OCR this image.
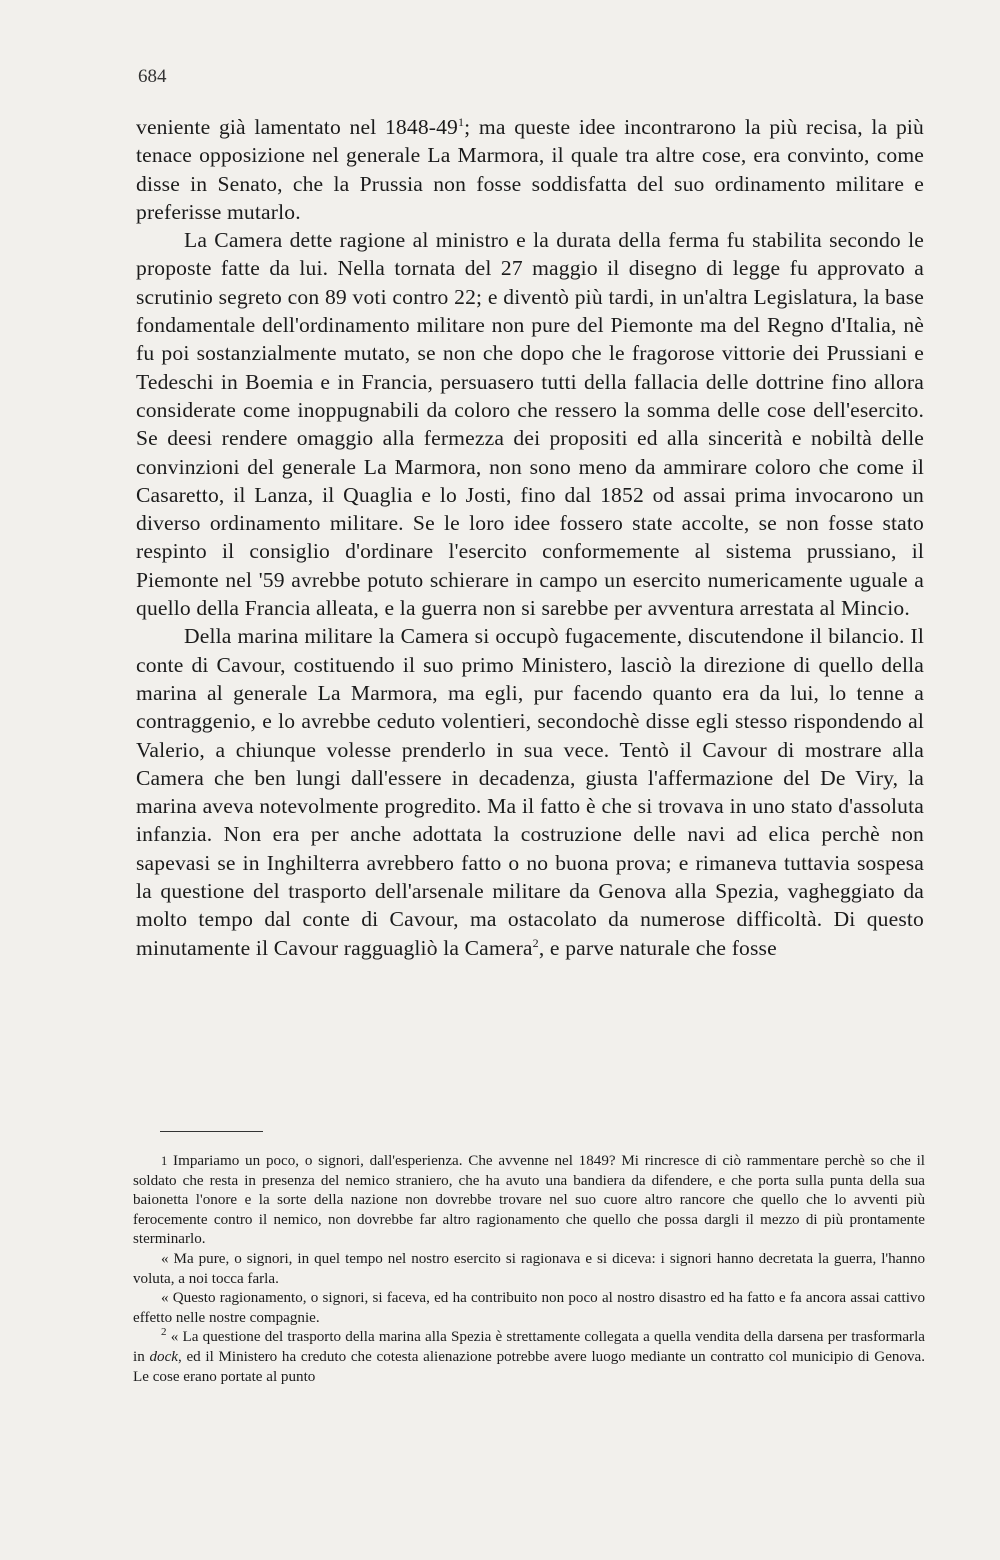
684

veniente già lamentato nel $1848-49^1$; ma queste idee incontrarono la più recisa, la più tenace opposizione nel generale La Marmora, il quale tra altre cose, era convinto, come disse in Senato, che la Prussia non fosse soddisfatta del suo ordinamento militare e preferisse mutarlo.

La Camera dette ragione al ministro e la durata della ferma fu stabilita secondo le proposte fatte da lui. Nella tornata del 27 maggio il disegno di legge fu approvato a scrutinio segreto con 89 voti contro 22; e diventò più tardi, in un'altra Legislatura, la base fondamentale dell'ordinamento militare non pure del Piemonte ma del Regno d'Italia, nè fu poi sostanzialmente mutato, se non che dopo che le fragorose vittorie dei Prussiani e Tedeschi in Boemia e in Francia, persuasero tutti della fallacia delle dottrine fino allora considerate come inoppugnabili da coloro che ressero la somma delle cose dell'esercito. Se deesi rendere omaggio alla fermezza dei propositi ed alla sincerità e nobiltà delle convinzioni del generale La Marmora, non sono meno da ammirare coloro che come il Casaretto, il Lanza, il Quaglia e lo Josti, fino dal 1852 od assai prima invocarono un diverso ordinamento militare. Se le loro idee fossero state accolte, se non fosse stato respinto il consiglio d'ordinare l'esercito conformemente al sistema prussiano, il Piemonte nel '59 avrebbe potuto schierare in campo un esercito numericamente uguale a quello della Francia alleata, e la guerra non si sarebbe per avventura arrestata al Mincio.

Della marina militare la Camera si occupò fugacemente, discutendone il bilancio. Il conte di Cavour, costituendo il suo primo Ministero, lasciò la direzione di quello della marina al generale La Marmora, ma egli, pur facendo quanto era da lui, lo tenne a contraggenio, e lo avrebbe ceduto volentieri, secondochè disse egli stesso rispondendo al Valerio, a chiunque volesse prenderlo in sua vece. Tentò il Cavour di mostrare alla Camera che ben lungi dall'essere in decadenza, giusta l'affermazione del De Viry, la marina aveva notevolmente progredito. Ma il fatto è che si trovava in uno stato d'assoluta infanzia. Non era per anche adottata la costruzione delle navi ad elica perchè non sapevasi se in Inghilterra avrebbero fatto o no buona prova; e rimaneva tuttavia sospesa la questione del trasporto dell'arsenale militare da Genova alla Spezia, vagheggiato da molto tempo dal conte di Cavour, ma ostacolato da numerose difficoltà. Di questo minutamente il Cavour ragguagliò la Camera$^2$, e parve naturale che fosse

1 Impariamo un poco, o signori, dall'esperienza. Che avvenne nel 1849? Mi rincresce di ciò rammentare perchè so che il soldato che resta in presenza del nemico straniero, che ha avuto una bandiera da difendere, e che porta sulla punta della sua baionetta l'onore e la sorte della nazione non dovrebbe trovare nel suo cuore altro rancore che quello che lo avventi più ferocemente contro il nemico, non dovrebbe far altro ragionamento che quello che possa dargli il mezzo di più prontamente sterminarlo.

« Ma pure, o signori, in quel tempo nel nostro esercito si ragionava e si diceva: i signori hanno decretata la guerra, l'hanno voluta, a noi tocca farla.

« Questo ragionamento, o signori, si faceva, ed ha contribuito non poco al nostro disastro ed ha fatto e fa ancora assai cattivo effetto nelle nostre compagnie.

$^2$ « La questione del trasporto della marina alla Spezia è strettamente collegata a quella vendita della darsena per trasformarla in dock, ed il Ministero ha creduto che cotesta alienazione potrebbe avere luogo mediante un contratto col municipio di Genova. Le cose erano portate al punto
